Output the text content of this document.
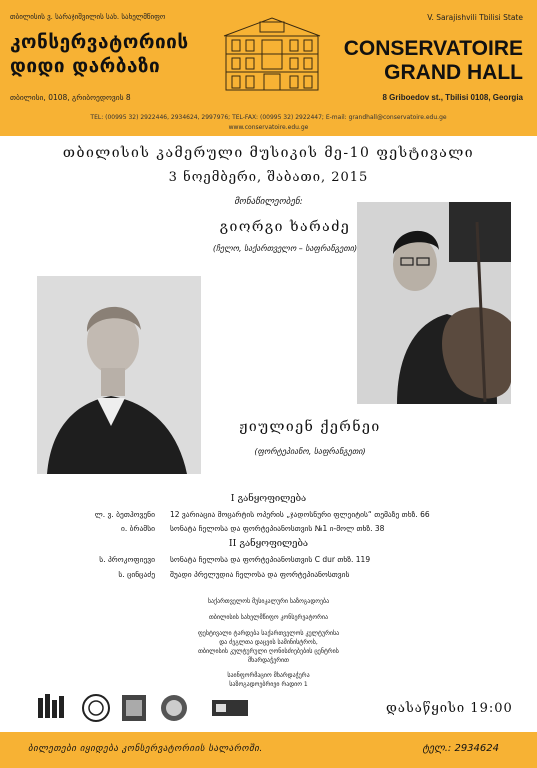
თბილისის ვ. სარაჯიშვილის სახ. სახელმწიფო
კონსერვატორიის
დიდი დარბაზი
თბილისი, 0108, გრიბოედოვის 8
V. Sarajishvili Tbilisi State
CONSERVATOIRE
GRAND HALL
8 Griboedov st., Tbilisi 0108, Georgia
TEL: (00995 32) 2922446, 2934624, 2997976; TEL-FAX: (00995 32) 2922447; E-mail: grandhall@conservatoire.edu.ge
www.conservatoire.edu.ge
თბილისის კამერული მუსიკის მე-10 ფესტივალი
3 ნოემბერი, შაბათი, 2015
მონაწილეობენ:
გიორგი ხარაძე
(ჩელო, საქართველო – საფრანგეთი)
ჟიულიენ ქერნეი
(ფორტეპიანო, საფრანგეთი)
I განყოფილება
ლ. ვ. ბეთჰოვენი 12 ვარიაცია მოცარტის ოპერის „ჯადოსნური ფლეიტის“ თემაზე თხზ. 66
ი. ბრამსი სონატა ჩელოსა და ფორტეპიანოსთვის №1 ი-მოლ თხზ. 38
II განყოფილება
ს. პროკოფიევი სონატა ჩელოსა და ფორტეპიანოსთვის C dur თხზ. 119
ს. ცინცაძე შუადი პრელუდია ჩელოსა და ფორტეპიანოსთვის
საქართველოს მუსიკალური საზოგადოება
თბილისის სახელმწიფო კონსერვატორია
ფესტივალი ტარდება საქართველოს კულტურისა
და ძეგლთა დაცვის სამინისტროს,
თბილისის კულტურული ღონისძიებების ცენტრის
მხარდაჭერით
საინფორმაციო მხარდაჭერა
საზოგადოებრივი რადიო 1
დასაწყისი 19:00
ბილეთები იყიდება კონსერვატორიის სალაროში.	ტელ.: 2934624
